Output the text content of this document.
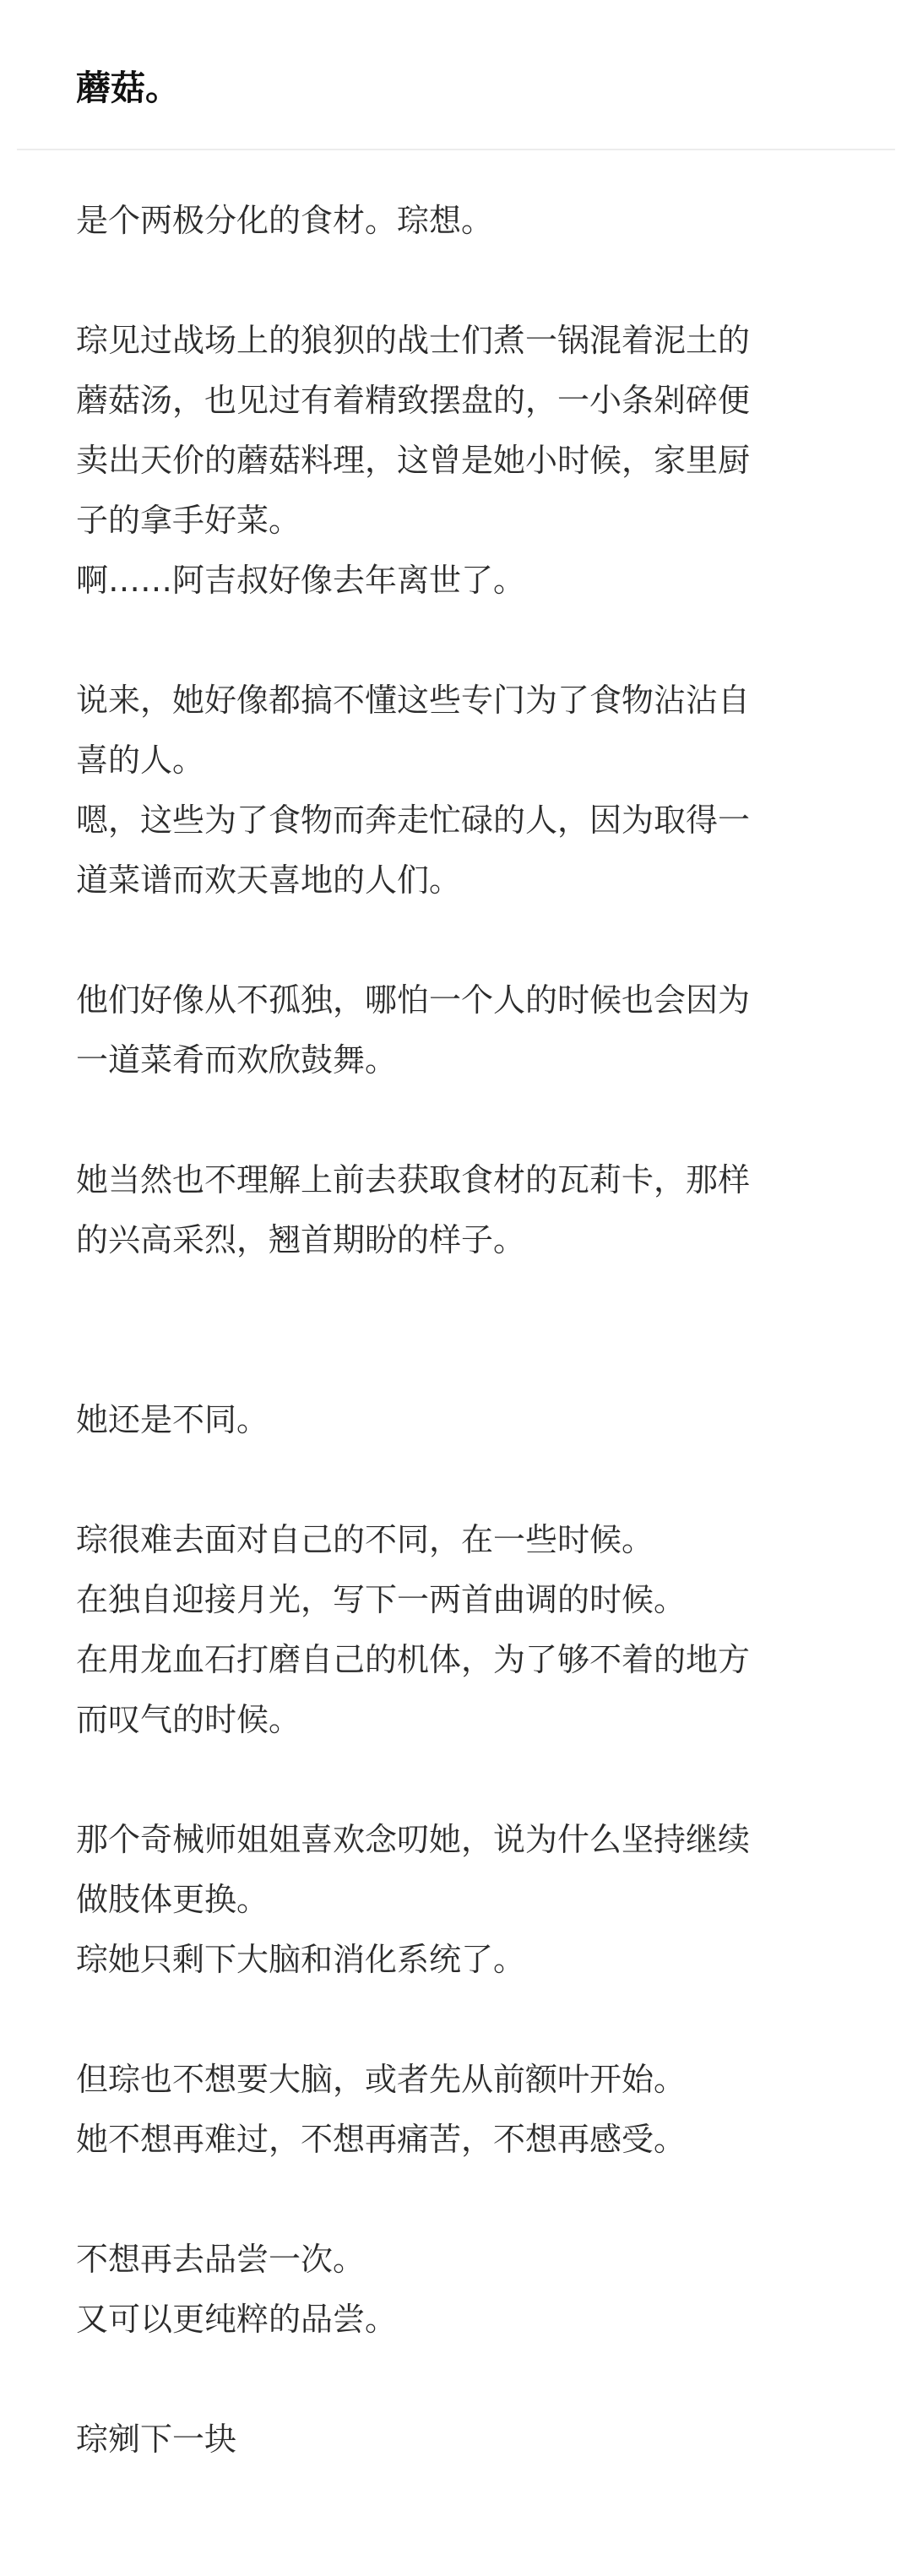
蘑菇。

是个两极分化的食材。琮想。

琮见过战场上的狼狈的战士们煮一锅混着泥土的
蘑菇汤，也见过有着精致摆盘的，一小条剁碎便
卖出天价的蘑菇料理，这曾是她小时候，家里厨
子的拿手好菜。
啊……阿吉叔好像去年离世了。

说来，她好像都搞不懂这些专门为了食物沾沾自
喜的人。
嗯，这些为了食物而奔走忙碌的人，因为取得一
道菜谱而欢天喜地的人们。

他们好像从不孤独，哪怕一个人的时候也会因为
一道菜肴而欢欣鼓舞。

她当然也不理解上前去获取食材的瓦莉卡，那样
的兴高采烈，翘首期盼的样子。

她还是不同。

琮很难去面对自己的不同，在一些时候。
在独自迎接月光，写下一两首曲调的时候。
在用龙血石打磨自己的机体，为了够不着的地方
而叹气的时候。

那个奇械师姐姐喜欢念叨她，说为什么坚持继续
做肢体更换。
琮她只剩下大脑和消化系统了。

但琮也不想要大脑，或者先从前额叶开始。
她不想再难过，不想再痛苦，不想再感受。

不想再去品尝一次。
又可以更纯粹的品尝。

琮剜下一块
